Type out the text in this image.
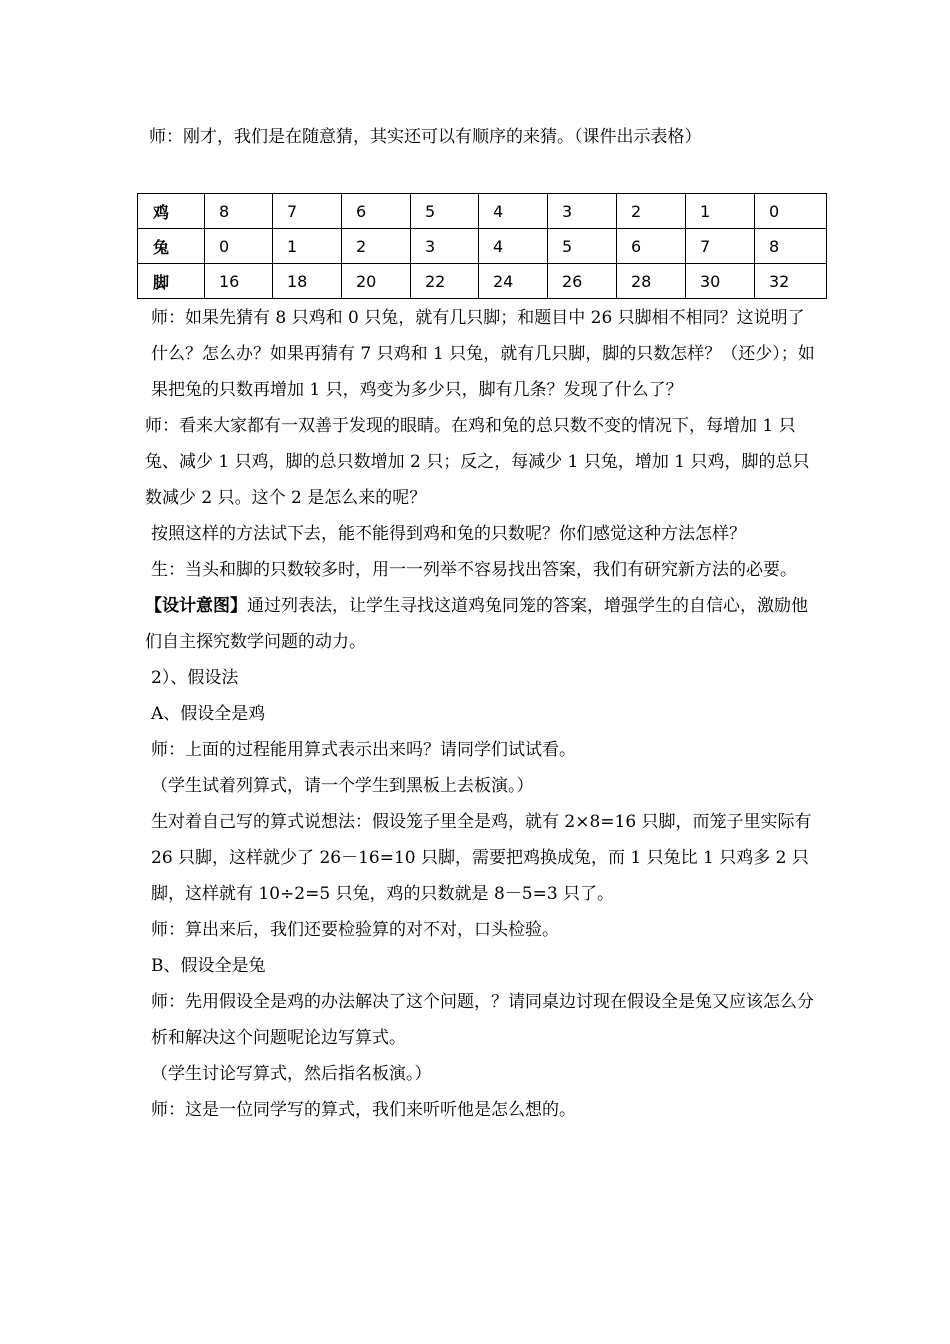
师：刚才，我们是在随意猜，其实还可以有顺序的来猜。（课件出示表格）
鸡	8	7	6	5	4	3	2	1	0
兔	0	1	2	3	4	5	6	7	8
脚	16	18	20	22	24	26	28	30	32

师：如果先猜有 8 只鸡和 0 只兔，就有几只脚；和题目中 26 只脚相不相同？这说明了什么？怎么办？如果再猜有 7 只鸡和 1 只兔，就有几只脚，脚的只数怎样？（还少）；如果把兔的只数再增加 1 只，鸡变为多少只，脚有几条？发现了什么了？

师：看来大家都有一双善于发现的眼睛。在鸡和兔的总只数不变的情况下，每增加 1 只兔、减少 1 只鸡，脚的总只数增加 2 只；反之，每减少 1 只兔，增加 1 只鸡，脚的总只数减少 2 只。这个 2 是怎么来的呢？

按照这样的方法试下去，能不能得到鸡和兔的只数呢？你们感觉这种方法怎样？

生：当头和脚的只数较多时，用一一列举不容易找出答案，我们有研究新方法的必要。

【设计意图】通过列表法，让学生寻找这道鸡兔同笼的答案，增强学生的自信心，激励他们自主探究数学问题的动力。

2）、假设法

A、假设全是鸡

师：上面的过程能用算式表示出来吗？请同学们试试看。

（学生试着列算式，请一个学生到黑板上去板演。）

生对着自己写的算式说想法：假设笼子里全是鸡，就有 2×8=16 只脚，而笼子里实际有 26 只脚，这样就少了 26－16=10 只脚，需要把鸡换成兔，而 1 只兔比 1 只鸡多 2 只脚，这样就有 10÷2=5 只兔，鸡的只数就是 8－5=3 只了。

师：算出来后，我们还要检验算的对不对，口头检验。

B、假设全是兔

师：先用假设全是鸡的办法解决了这个问题，？请同桌边讨现在假设全是兔又应该怎么分析和解决这个问题呢论边写算式。

（学生讨论写算式，然后指名板演。）

师：这是一位同学写的算式，我们来听听他是怎么想的。
